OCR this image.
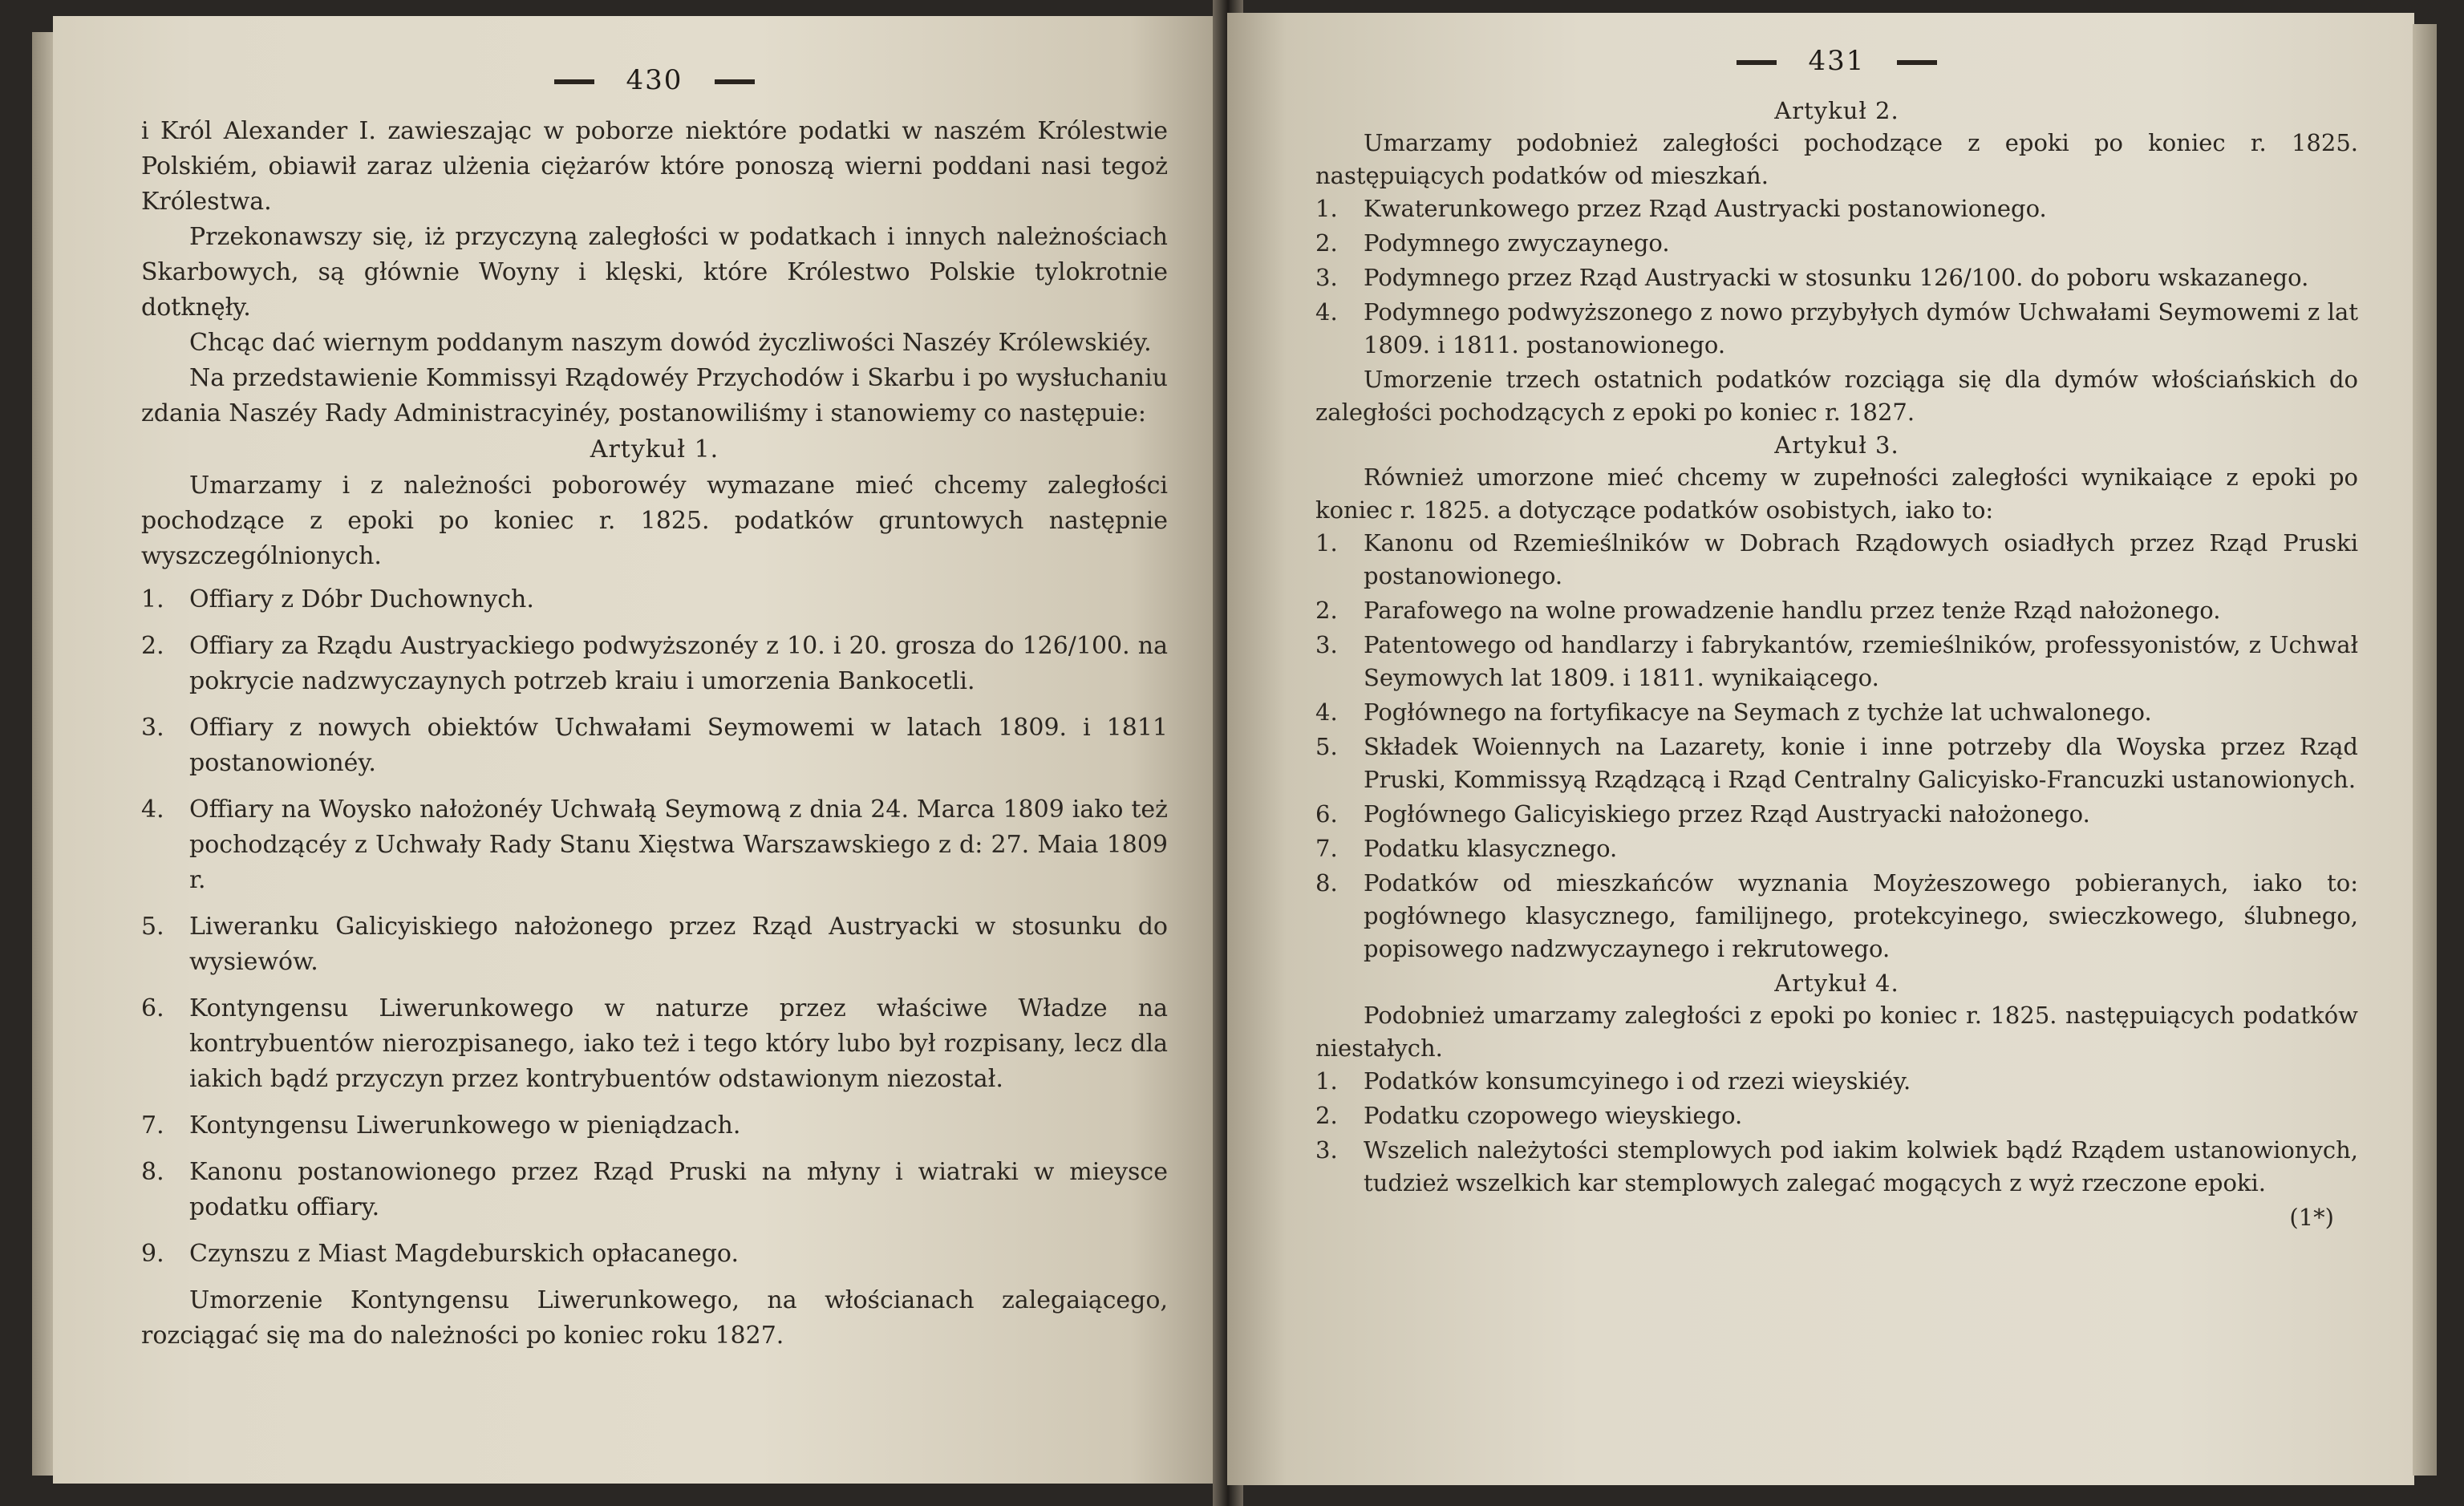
430

i Król Alexander I. zawieszając w poborze niektóre podatki w naszém Królestwie Polskiém, obiawił zaraz ulżenia ciężarów które ponoszą wierni poddani nasi tegoż Królestwa.

Przekonawszy się, iż przyczyną zaległości w podatkach i innych należnościach Skarbowych, są głównie Woyny i klęski, które Królestwo Polskie tylokrotnie dotknęły.

Chcąc dać wiernym poddanym naszym dowód życzliwości Naszéy Królewskiéy.

Na przedstawienie Kommissyi Rządowéy Przychodów i Skarbu i po wysłuchaniu zdania Naszéy Rady Administracyinéy, postanowiliśmy i stanowiemy co następuie:

Artykuł 1.

Umarzamy i z należności poborowéy wymazane mieć chcemy zaległości pochodzące z epoki po koniec r. 1825. podatków gruntowych następnie wyszczególnionych.

1. Offiary z Dóbr Duchownych.
2. Offiary za Rządu Austryackiego podwyższonéy z 10. i 20. grosza do 126/100. na pokrycie nadzwyczaynych potrzeb kraiu i umorzenia Bankocetli.
3. Offiary z nowych obiektów Uchwałami Seymowemi w latach 1809. i 1811 postanowionéy.
4. Offiary na Woysko nałożonéy Uchwałą Seymową z dnia 24. Marca 1809 iako też pochodzącéy z Uchwały Rady Stanu Xięstwa Warszawskiego z d: 27. Maia 1809 r.
5. Liweranku Galicyiskiego nałożonego przez Rząd Austryacki w stosunku do wysiewów.
6. Kontyngensu Liwerunkowego w naturze przez właściwe Władze na kontrybuentów nierozpisanego, iako też i tego który lubo był rozpisany, lecz dla iakich bądź przyczyn przez kontrybuentów odstawionym niezostał.
7. Kontyngensu Liwerunkowego w pieniądzach.
8. Kanonu postanowionego przez Rząd Pruski na młyny i wiatraki w mieysce podatku offiary.
9. Czynszu z Miast Magdeburskich opłacanego.

Umorzenie Kontyngensu Liwerunkowego, na włościanach zalegaiącego, rozciągać się ma do należności po koniec roku 1827.

431
Artykuł 2.

Umarzamy podobnież zaległości pochodzące z epoki po koniec r. 1825. następuiących podatków od mieszkań.

1. Kwaterunkowego przez Rząd Austryacki postanowionego.
2. Podymnego zwyczaynego.
3. Podymnego przez Rząd Austryacki w stosunku 126/100. do poboru wskazanego.
4. Podymnego podwyższonego z nowo przybyłych dymów Uchwałami Seymowemi z lat 1809. i 1811. postanowionego.

Umorzenie trzech ostatnich podatków rozciąga się dla dymów włościańskich do zaległości pochodzących z epoki po koniec r. 1827.

Artykuł 3.

Również umorzone mieć chcemy w zupełności zaległości wynikaiące z epoki po koniec r. 1825. a dotyczące podatków osobistych, iako to:

1. Kanonu od Rzemieślników w Dobrach Rządowych osiadłych przez Rząd Pruski postanowionego.
2. Parafowego na wolne prowadzenie handlu przez tenże Rząd nałożonego.
3. Patentowego od handlarzy i fabrykantów, rzemieślników, professyonistów, z Uchwał Seymowych lat 1809. i 1811. wynikaiącego.
4. Pogłównego na fortyfikacye na Seymach z tychże lat uchwalonego.
5. Składek Woiennych na Lazarety, konie i inne potrzeby dla Woyska przez Rząd Pruski, Kommissyą Rządzącą i Rząd Centralny Galicyisko-Francuzki ustanowionych.
6. Pogłównego Galicyiskiego przez Rząd Austryacki nałożonego.
7. Podatku klasycznego.
8. Podatków od mieszkańców wyznania Moyżeszowego pobieranych, iako to: pogłównego klasycznego, familijnego, protekcyinego, swieczkowego, ślubnego, popisowego nadzwyczaynego i rekrutowego.
Artykuł 4.

Podobnież umarzamy zaległości z epoki po koniec r. 1825. następuiących podatków niestałych.

1. Podatków konsumcyinego i od rzezi wieyskiéy.
2. Podatku czopowego wieyskiego.
3. Wszelich należytości stemplowych pod iakim kolwiek bądź Rządem ustanowionych, tudzież wszelkich kar stemplowych zalegać mogących z wyż rzeczone epoki.
(1*)
